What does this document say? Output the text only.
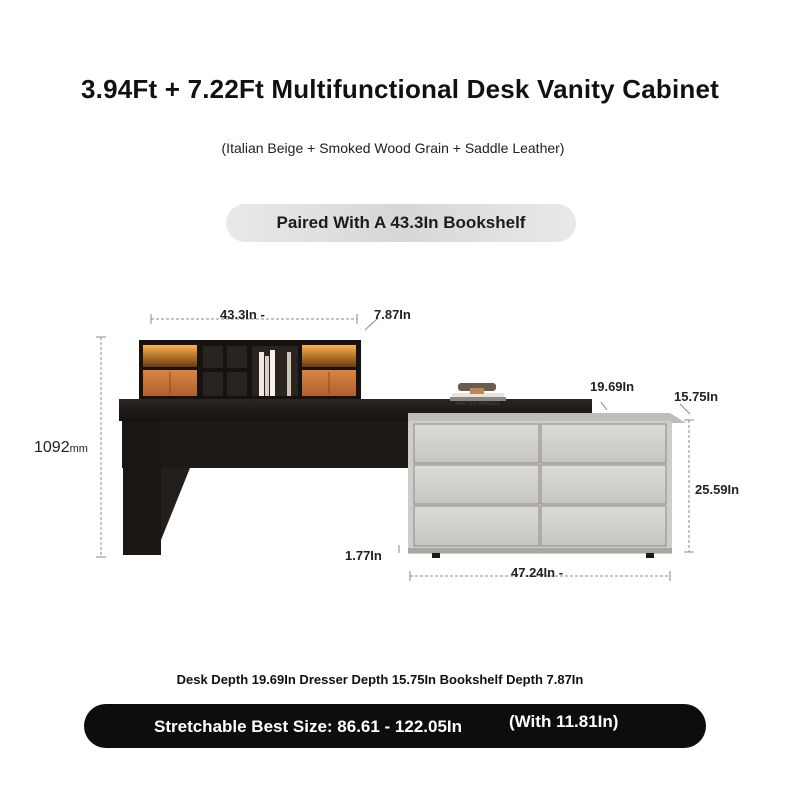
3.94Ft + 7.22Ft Multifunctional Desk Vanity Cabinet
(Italian Beige + Smoked Wood Grain + Saddle Leather)
Paired With A 43.3In Bookshelf
WALTER FINANCE
43.3In -	7.87In
19.69In
15.75In
1092mm
25.59In
1.77In
47.24In -
Desk Depth 19.69In Dresser Depth 15.75In Bookshelf Depth 7.87In
Stretchable Best Size: 86.61 - 122.05In	(With 11.81In)
